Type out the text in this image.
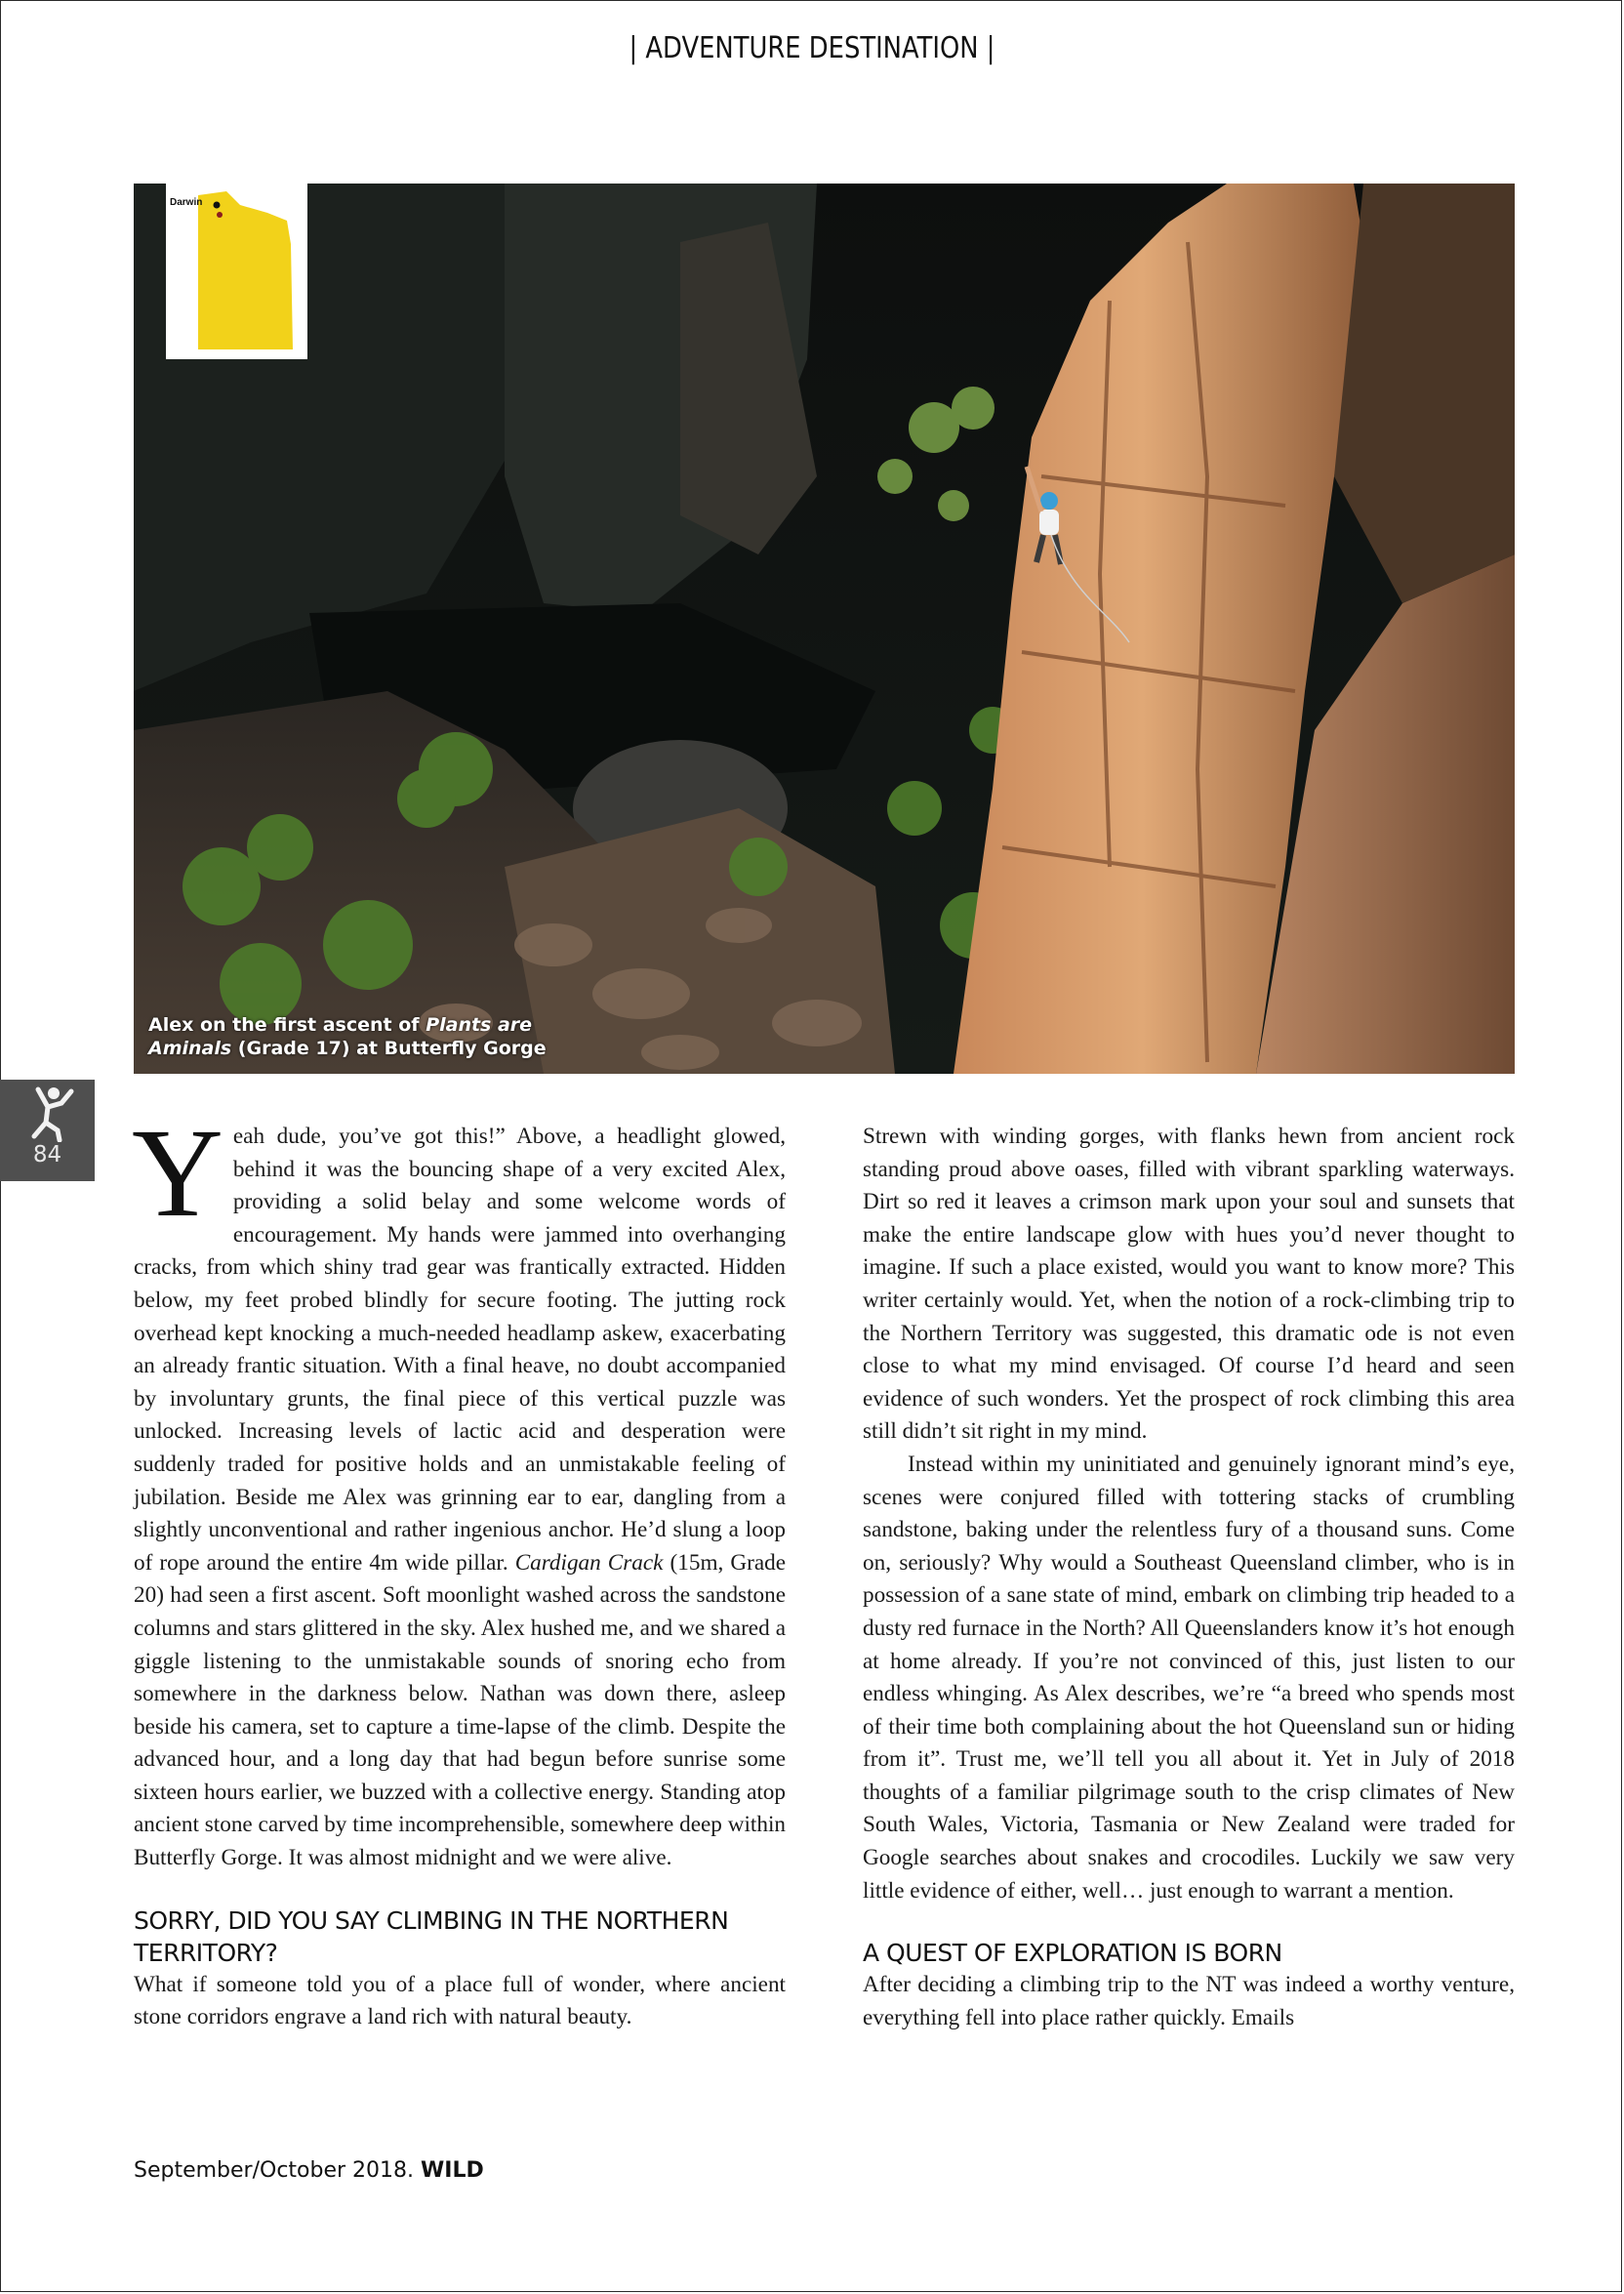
| ADVENTURE DESTINATION |
Darwin
Alex on the first ascent of Plants are Aminals (Grade 17) at Butterfly Gorge
84 Yeah dude, you’ve got this!” Above, a headlight glowed, behind it was the bouncing shape of a very excited Alex, providing a solid belay and some welcome words of encouragement. My hands were jammed into overhanging cracks, from which shiny trad gear was frantically extracted. Hidden below, my feet probed blindly for secure footing. The jutting rock overhead kept knocking a much-needed headlamp askew, exacerbating an already frantic situation. With a final heave, no doubt accompanied by involuntary grunts, the final piece of this vertical puzzle was unlocked. Increasing levels of lactic acid and desperation were suddenly traded for positive holds and an unmistakable feeling of jubilation. Beside me Alex was grinning ear to ear, dangling from a slightly unconventional and rather ingenious anchor. He’d slung a loop of rope around the entire 4m wide pillar. Cardigan Crack (15m, Grade 20) had seen a first ascent. Soft moonlight washed across the sandstone columns and stars glittered in the sky. Alex hushed me, and we shared a giggle listening to the unmistakable sounds of snoring echo from somewhere in the darkness below. Nathan was down there, asleep beside his camera, set to capture a time-lapse of the climb. Despite the advanced hour, and a long day that had begun before sunrise some sixteen hours earlier, we buzzed with a collective energy. Standing atop ancient stone carved by time incomprehensible, somewhere deep within Butterfly Gorge. It was almost midnight and we were alive.

SORRY, DID YOU SAY CLIMBING IN THE NORTHERN TERRITORY?

What if someone told you of a place full of wonder, where ancient stone corridors engrave a land rich with natural beauty.

Strewn with winding gorges, with flanks hewn from ancient rock standing proud above oases, filled with vibrant sparkling waterways. Dirt so red it leaves a crimson mark upon your soul and sunsets that make the entire landscape glow with hues you’d never thought to imagine. If such a place existed, would you want to know more? This writer certainly would. Yet, when the notion of a rock-climbing trip to the Northern Territory was suggested, this dramatic ode is not even close to what my mind envisaged. Of course I’d heard and seen evidence of such wonders. Yet the prospect of rock climbing this area still didn’t sit right in my mind.

Instead within my uninitiated and genuinely ignorant mind’s eye, scenes were conjured filled with tottering stacks of crumbling sandstone, baking under the relentless fury of a thousand suns. Come on, seriously? Why would a Southeast Queensland climber, who is in possession of a sane state of mind, embark on climbing trip headed to a dusty red furnace in the North? All Queenslanders know it’s hot enough at home already. If you’re not convinced of this, just listen to our endless whinging. As Alex describes, we’re “a breed who spends most of their time both complaining about the hot Queensland sun or hiding from it”. Trust me, we’ll tell you all about it. Yet in July of 2018 thoughts of a familiar pilgrimage south to the crisp climates of New South Wales, Victoria, Tasmania or New Zealand were traded for Google searches about snakes and crocodiles. Luckily we saw very little evidence of either, well… just enough to warrant a mention.

A QUEST OF EXPLORATION IS BORN

After deciding a climbing trip to the NT was indeed a worthy venture, everything fell into place rather quickly. Emails

September/October 2018. WILD
